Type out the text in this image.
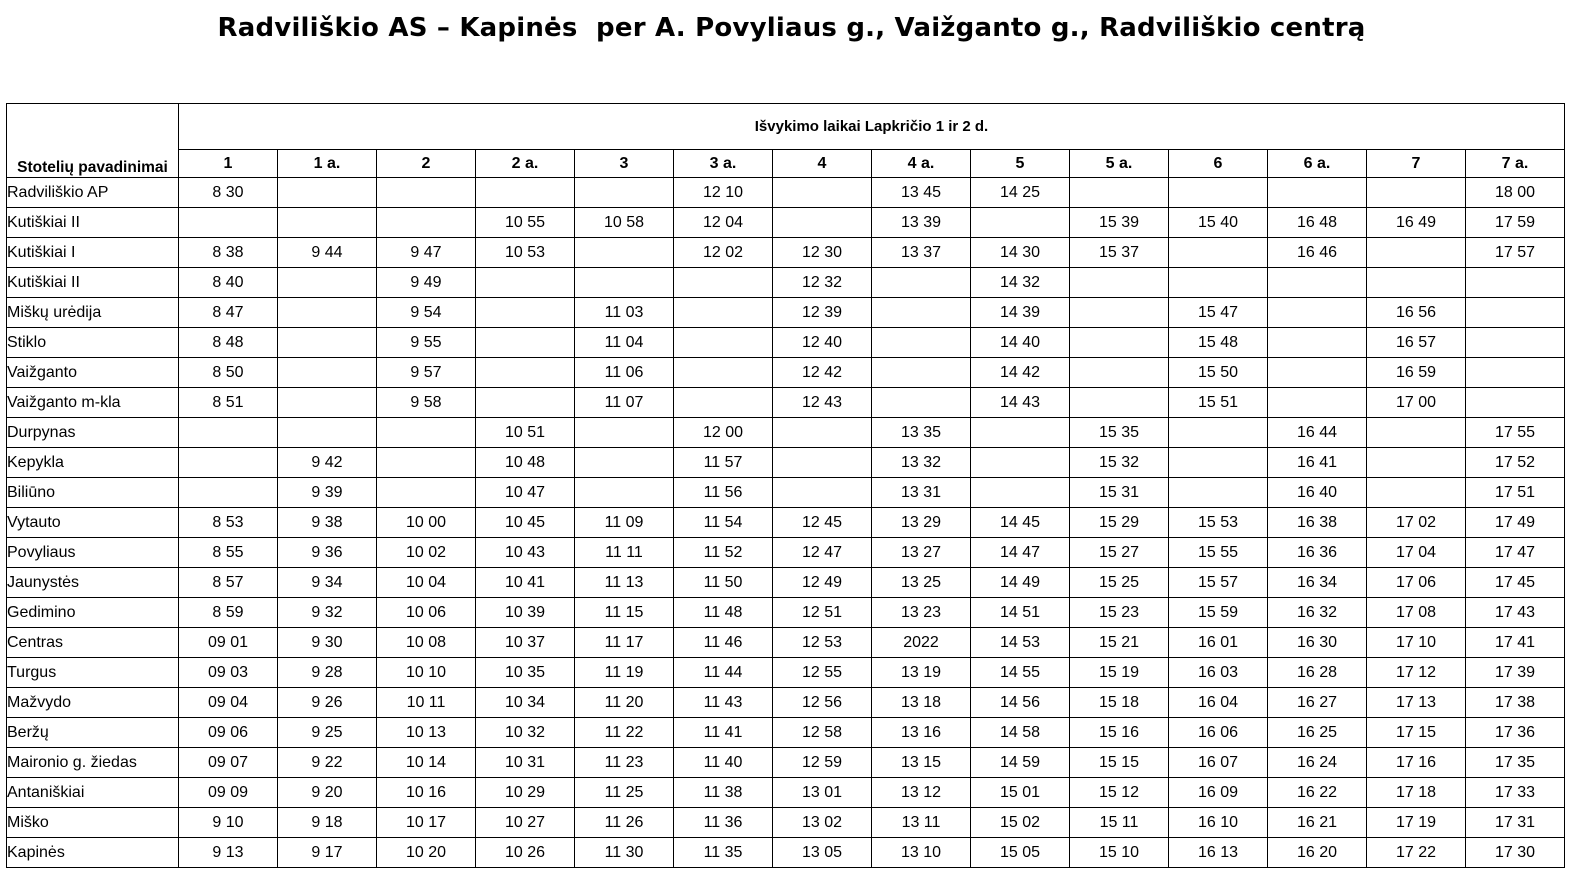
Radviliškio AS – Kapinės  per A. Povyliaus g., Vaižganto g., Radviliškio centrą
Stotelių pavadinimai	Išvykimo laikai Lapkričio 1 ir 2 d.													
	1	1 a.	2	2 a.	3	3 a.	4	4 a.	5	5 a.	6	6 a.	7	7 a.
Radviliškio AP	8 30					12 10		13 45	14 25					18 00
Kutiškiai II				10 55	10 58	12 04		13 39		15 39	15 40	16 48	16 49	17 59
Kutiškiai I	8 38	9 44	9 47	10 53		12 02	12 30	13 37	14 30	15 37		16 46		17 57
Kutiškiai II	8 40		9 49				12 32		14 32					
Miškų urėdija	8 47		9 54		11 03		12 39		14 39		15 47		16 56	
Stiklo	8 48		9 55		11 04		12 40		14 40		15 48		16 57	
Vaižganto	8 50		9 57		11 06		12 42		14 42		15 50		16 59	
Vaižganto m-kla	8 51		9 58		11 07		12 43		14 43		15 51		17 00	
Durpynas				10 51		12 00		13 35		15 35		16 44		17 55
Kepykla		9 42		10 48		11 57		13 32		15 32		16 41		17 52
Biliūno		9 39		10 47		11 56		13 31		15 31		16 40		17 51
Vytauto	8 53	9 38	10 00	10 45	11 09	11 54	12 45	13 29	14 45	15 29	15 53	16 38	17 02	17 49
Povyliaus	8 55	9 36	10 02	10 43	11 11	11 52	12 47	13 27	14 47	15 27	15 55	16 36	17 04	17 47
Jaunystės	8 57	9 34	10 04	10 41	11 13	11 50	12 49	13 25	14 49	15 25	15 57	16 34	17 06	17 45
Gedimino	8 59	9 32	10 06	10 39	11 15	11 48	12 51	13 23	14 51	15 23	15 59	16 32	17 08	17 43
Centras	09 01	9 30	10 08	10 37	11 17	11 46	12 53	2022	14 53	15 21	16 01	16 30	17 10	17 41
Turgus	09 03	9 28	10 10	10 35	11 19	11 44	12 55	13 19	14 55	15 19	16 03	16 28	17 12	17 39
Mažvydo	09 04	9 26	10 11	10 34	11 20	11 43	12 56	13 18	14 56	15 18	16 04	16 27	17 13	17 38
Beržų	09 06	9 25	10 13	10 32	11 22	11 41	12 58	13 16	14 58	15 16	16 06	16 25	17 15	17 36
Maironio g. žiedas	09 07	9 22	10 14	10 31	11 23	11 40	12 59	13 15	14 59	15 15	16 07	16 24	17 16	17 35
Antaniškiai	09 09	9 20	10 16	10 29	11 25	11 38	13 01	13 12	15 01	15 12	16 09	16 22	17 18	17 33
Miško	9 10	9 18	10 17	10 27	11 26	11 36	13 02	13 11	15 02	15 11	16 10	16 21	17 19	17 31
Kapinės	9 13	9 17	10 20	10 26	11 30	11 35	13 05	13 10	15 05	15 10	16 13	16 20	17 22	17 30
